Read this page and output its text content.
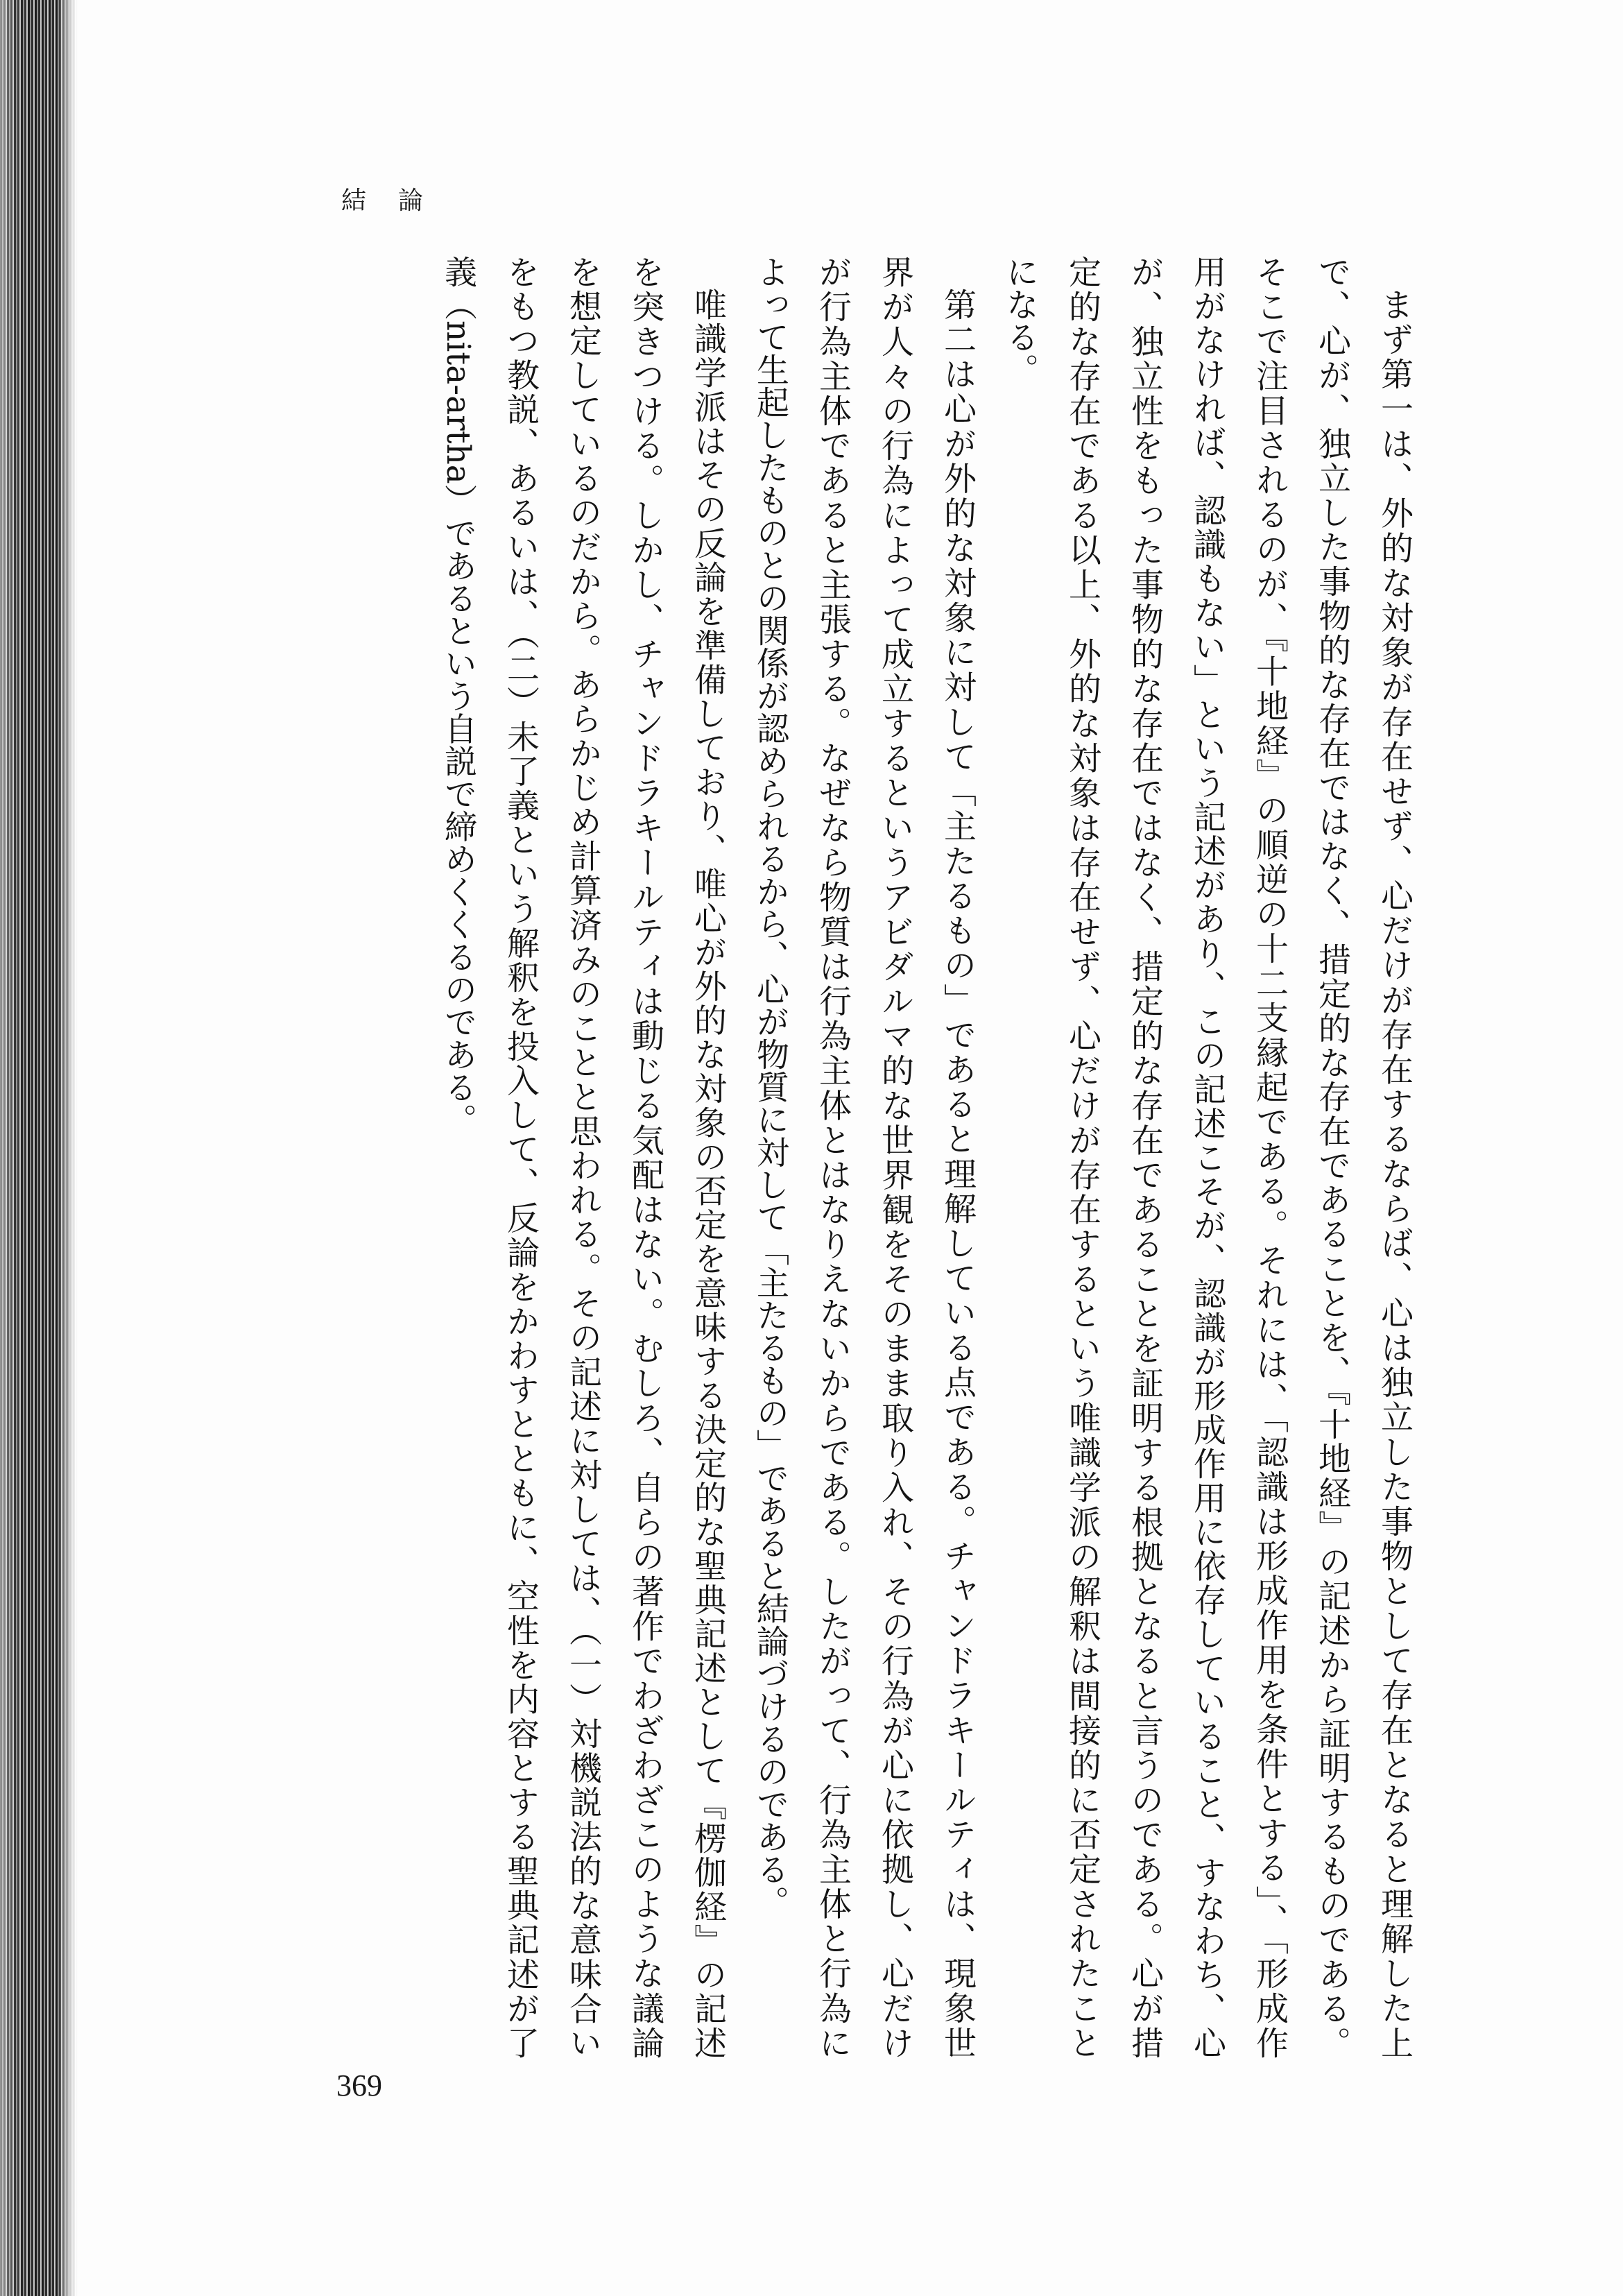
結論
まず第一は、外的な対象が存在せず、心だけが存在するならば、心は独立した事物として存在となると理解した上
で、心が、独立した事物的な存在ではなく、措定的な存在であることを、『十地経』の記述から証明するものである。
そこで注目されるのが、『十地経』の順逆の十二支縁起である。それには、「認識は形成作用を条件とする」、「形成作
用がなければ、認識もない」という記述があり、この記述こそが、認識が形成作用に依存していること、すなわち、心
が、独立性をもった事物的な存在ではなく、措定的な存在であることを証明する根拠となると言うのである。心が措
定的な存在である以上、外的な対象は存在せず、心だけが存在するという唯識学派の解釈は間接的に否定されたこと
になる。
第二は心が外的な対象に対して「主たるもの」であると理解している点である。チャンドラキールティは、現象世
界が人々の行為によって成立するというアビダルマ的な世界観をそのまま取り入れ、その行為が心に依拠し、心だけ
が行為主体であると主張する。なぜなら物質は行為主体とはなりえないからである。したがって、行為主体と行為に
よって生起したものとの関係が認められるから、心が物質に対して「主たるもの」であると結論づけるのである。
唯識学派はその反論を準備しており、唯心が外的な対象の否定を意味する決定的な聖典記述として『楞伽経』の記述
を突きつける。しかし、チャンドラキールティは動じる気配はない。むしろ、自らの著作でわざわざこのような議論
を想定しているのだから。あらかじめ計算済みのことと思われる。その記述に対しては、（一）対機説法的な意味合い
をもつ教説、あるいは、（二）未了義という解釈を投入して、反論をかわすとともに、空性を内容とする聖典記述が了
義（nita-artha）であるという自説で締めくくるのである。
369
